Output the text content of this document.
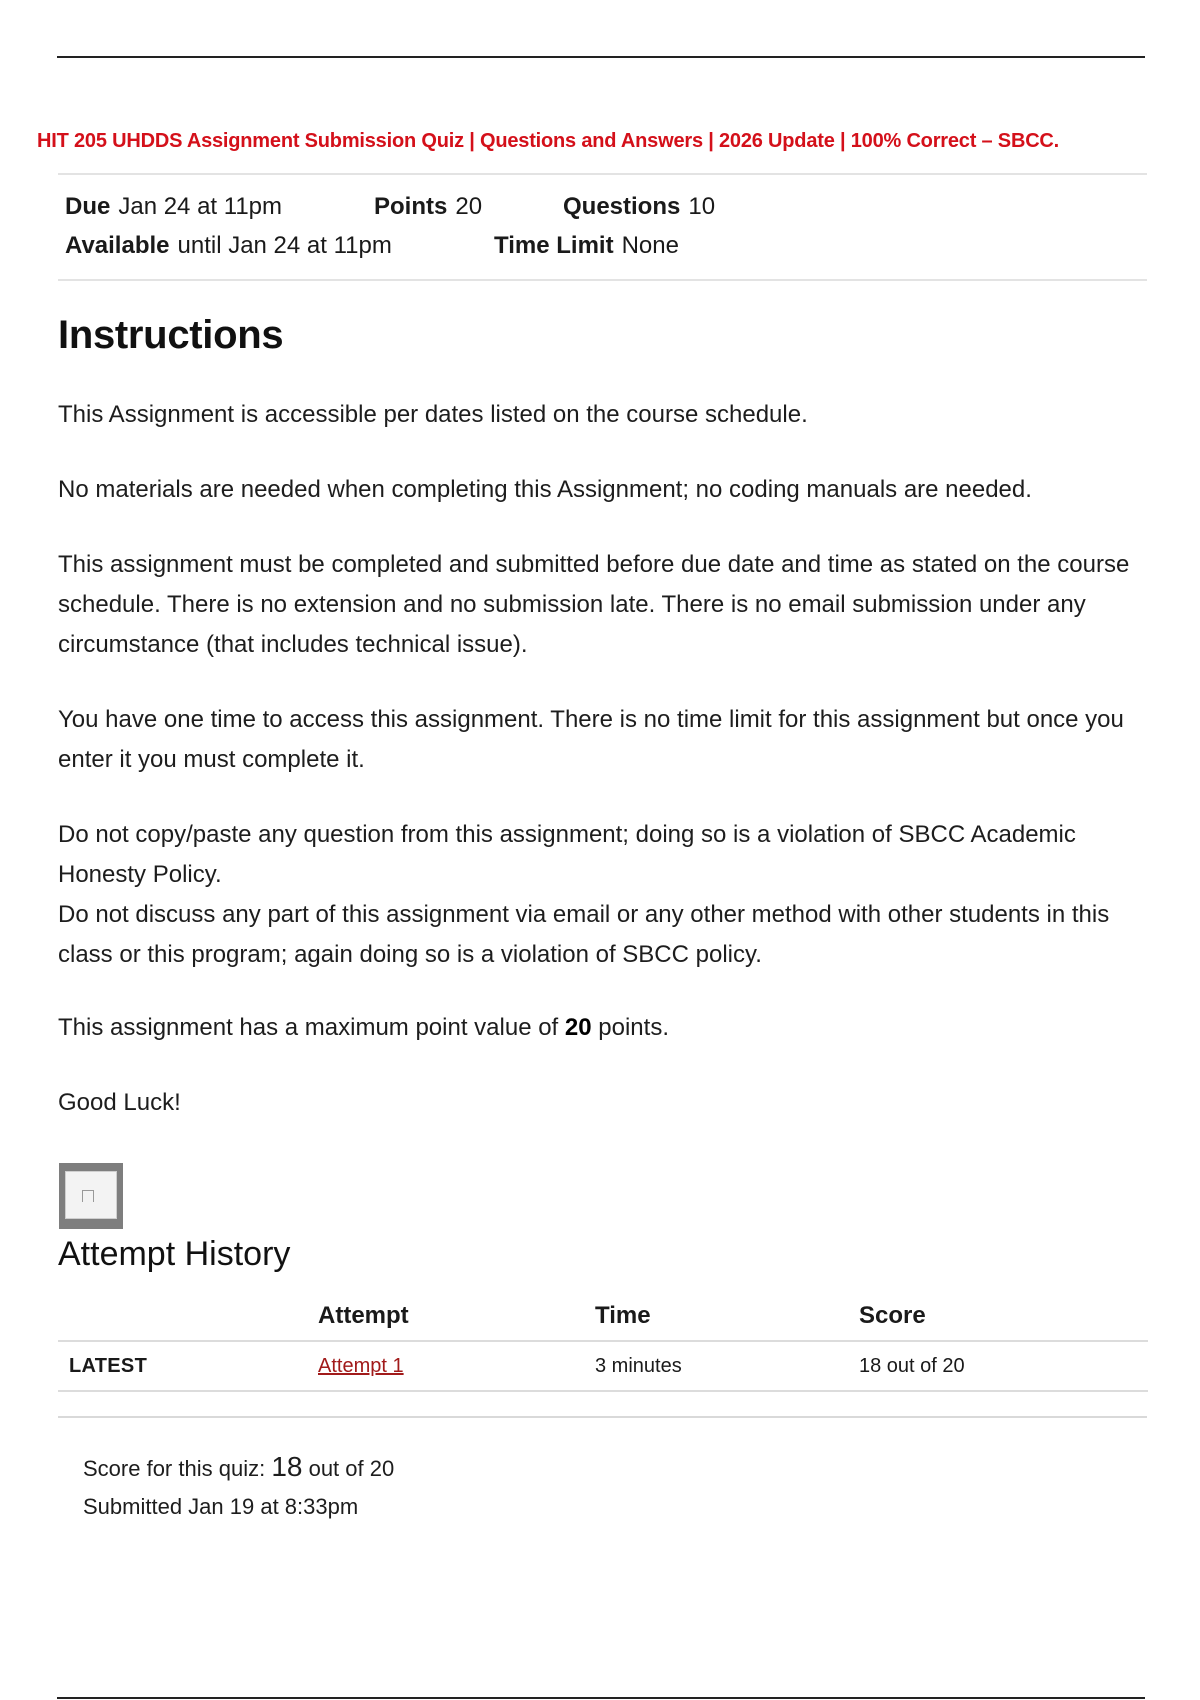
HIT 205 UHDDS Assignment Submission Quiz | Questions and Answers | 2026 Update | 100% Correct – SBCC.
Due Jan 24 at 11pm	Points 20	Questions 10
Available until Jan 24 at 11pm	Time Limit None
Instructions
This Assignment is accessible per dates listed on the course schedule.
No materials are needed when completing this Assignment; no coding manuals are needed.
This assignment must be completed and submitted before due date and time as stated on the course schedule. There is no extension and no submission late. There is no email submission under any circumstance (that includes technical issue).
You have one time to access this assignment. There is no time limit for this assignment but once you enter it you must complete it.
Do not copy/paste any question from this assignment; doing so is a violation of SBCC Academic Honesty Policy.
Do not discuss any part of this assignment via email or any other method with other students in this class or this program; again doing so is a violation of SBCC policy.
This assignment has a maximum point value of 20 points.
Good Luck!
Attempt History
	Attempt	Time	Score
LATEST	Attempt 1	3 minutes	18 out of 20
Score for this quiz: 18 out of 20
Submitted Jan 19 at 8:33pm
